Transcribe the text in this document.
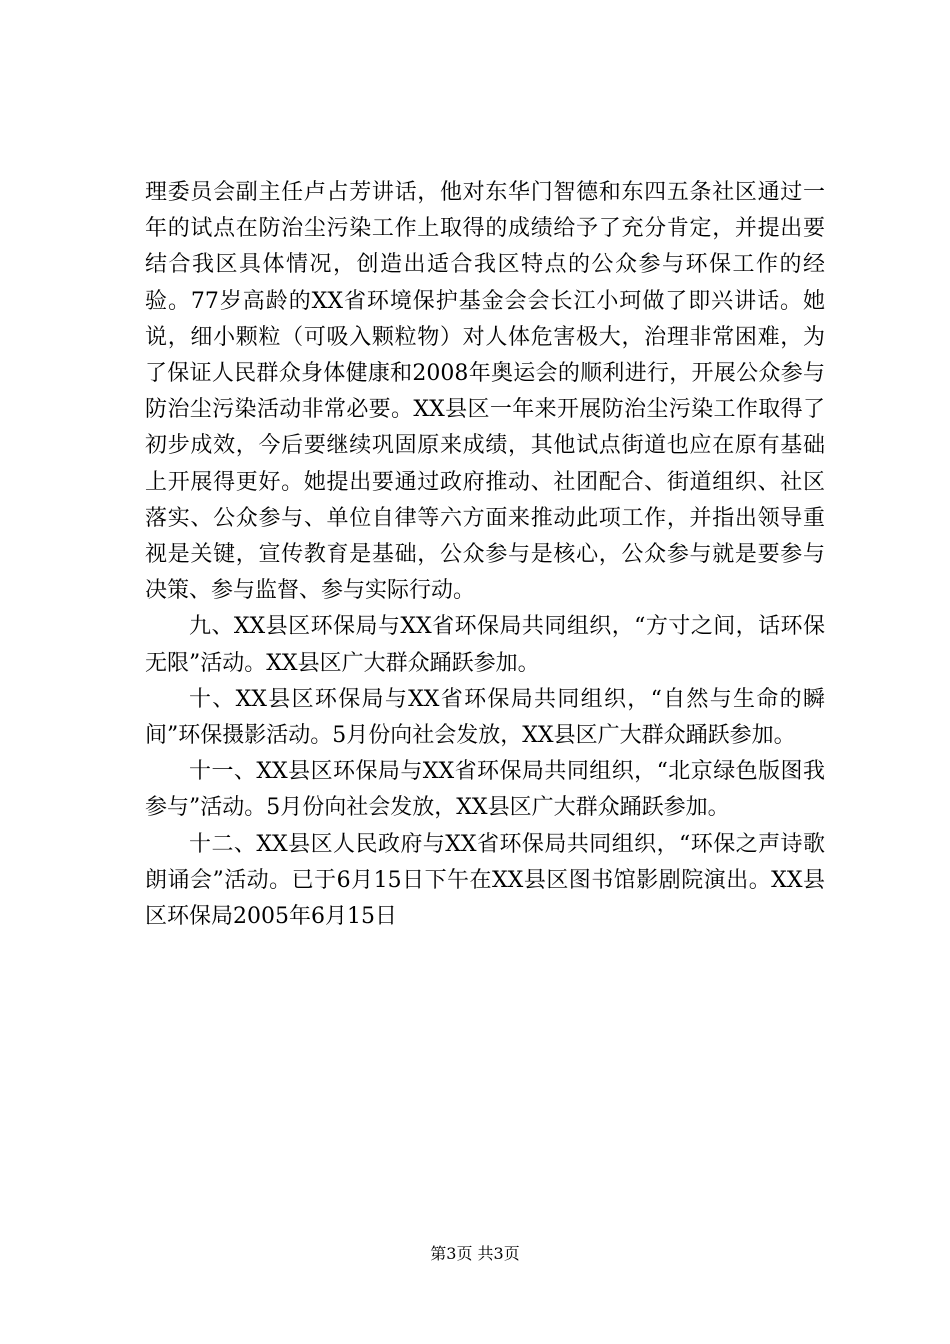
理委员会副主任卢占芳讲话，他对东华门智德和东四五条社区通过一年的试点在防治尘污染工作上取得的成绩给予了充分肯定，并提出要结合我区具体情况，创造出适合我区特点的公众参与环保工作的经验。77岁高龄的XX省环境保护基金会会长江小珂做了即兴讲话。她说，细小颗粒（可吸入颗粒物）对人体危害极大，治理非常困难，为了保证人民群众身体健康和2008年奥运会的顺利进行，开展公众参与防治尘污染活动非常必要。XX县区一年来开展防治尘污染工作取得了初步成效，今后要继续巩固原来成绩，其他试点街道也应在原有基础上开展得更好。她提出要通过政府推动、社团配合、街道组织、社区落实、公众参与、单位自律等六方面来推动此项工作，并指出领导重视是关键，宣传教育是基础，公众参与是核心，公众参与就是要参与决策、参与监督、参与实际行动。

九、XX县区环保局与XX省环保局共同组织，“方寸之间，话环保无限”活动。XX县区广大群众踊跃参加。

十、XX县区环保局与XX省环保局共同组织，“自然与生命的瞬间”环保摄影活动。5月份向社会发放，XX县区广大群众踊跃参加。

十一、XX县区环保局与XX省环保局共同组织，“北京绿色版图我参与”活动。5月份向社会发放，XX县区广大群众踊跃参加。

十二、XX县区人民政府与XX省环保局共同组织，“环保之声诗歌朗诵会”活动。已于6月15日下午在XX县区图书馆影剧院演出。XX县区环保局2005年6月15日

第3页 共3页
